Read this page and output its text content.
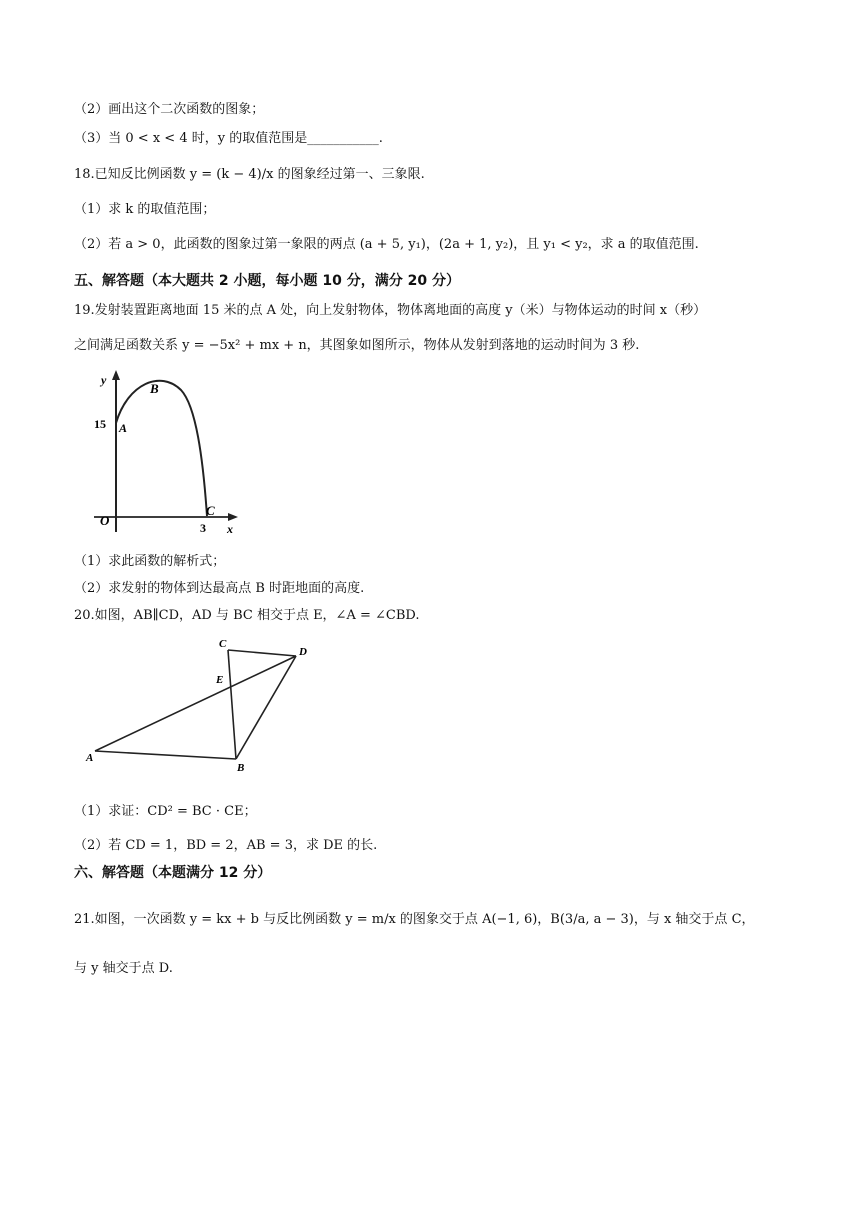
（2）画出这个二次函数的图象；
（3）当 0 < x < 4 时，y 的取值范围是___________.
18.已知反比例函数 y = (k − 4)/x 的图象经过第一、三象限.
（1）求 k 的取值范围；
（2）若 a > 0，此函数的图象过第一象限的两点 (a + 5, y₁)，(2a + 1, y₂)，且 y₁ < y₂，求 a 的取值范围.
五、解答题（本大题共 2 小题，每小题 10 分，满分 20 分）
19.发射装置距离地面 15 米的点 A 处，向上发射物体，物体离地面的高度 y（米）与物体运动的时间 x（秒）
之间满足函数关系 y = −5x² + mx + n，其图象如图所示，物体从发射到落地的运动时间为 3 秒.
y
B
15 A
C
O	3 x
（1）求此函数的解析式；
（2）求发射的物体到达最高点 B 时距地面的高度.
20.如图，AB∥CD，AD 与 BC 相交于点 E，∠A = ∠CBD.
C
D
E
A
B
（1）求证：CD² = BC · CE；
（2）若 CD = 1，BD = 2，AB = 3，求 DE 的长.
六、解答题（本题满分 12 分）
21.如图，一次函数 y = kx + b 与反比例函数 y = m/x 的图象交于点 A(−1, 6)，B(3/a, a − 3)，与 x 轴交于点 C，
与 y 轴交于点 D.
